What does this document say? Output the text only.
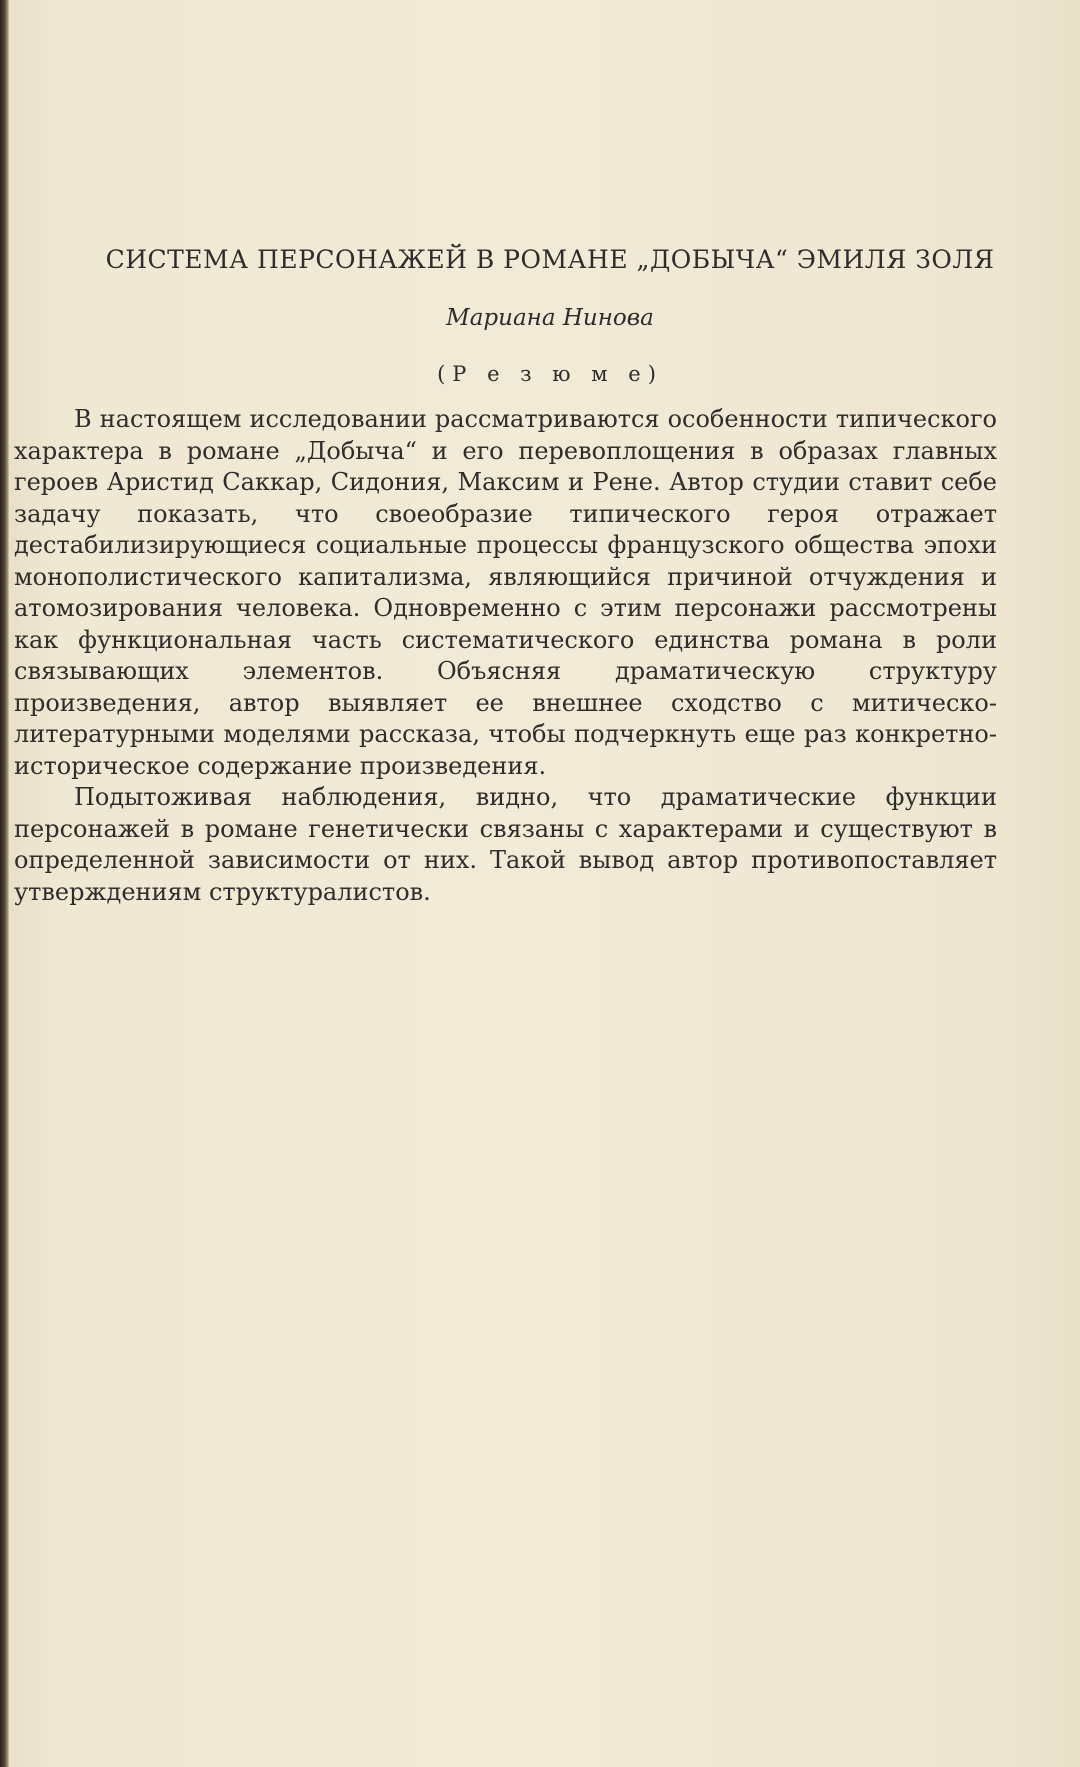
СИСТЕМА ПЕРСОНАЖЕЙ В РОМАНЕ „ДОБЫЧА“ ЭМИЛЯ ЗОЛЯ
Мариана Нинова
(Р е з ю м е)

В настоящем исследовании рассматриваются особенности типического характера в романе „Добыча“ и его перевоплощения в образах главных героев Аристид Саккар, Сидония, Максим и Рене. Автор студии ставит себе задачу показать, что своеобразие типического героя отражает дестабилизирующиеся социальные процессы французского общества эпохи монополистического капитализма, являющийся причиной отчуждения и атомозирования человека. Одновременно с этим персонажи рассмотрены как функциональная часть систематического единства романа в роли связывающих элементов. Объясняя драматическую структуру произведения, автор выявляет ее внешнее сходство с митическо-литературными моделями рассказа, чтобы подчеркнуть еще раз конкретно-историческое содержание произведения.

Подытоживая наблюдения, видно, что драматические функции персонажей в романе генетически связаны с характерами и существуют в определенной зависимости от них. Такой вывод автор противопоставляет утверждениям структуралистов.
